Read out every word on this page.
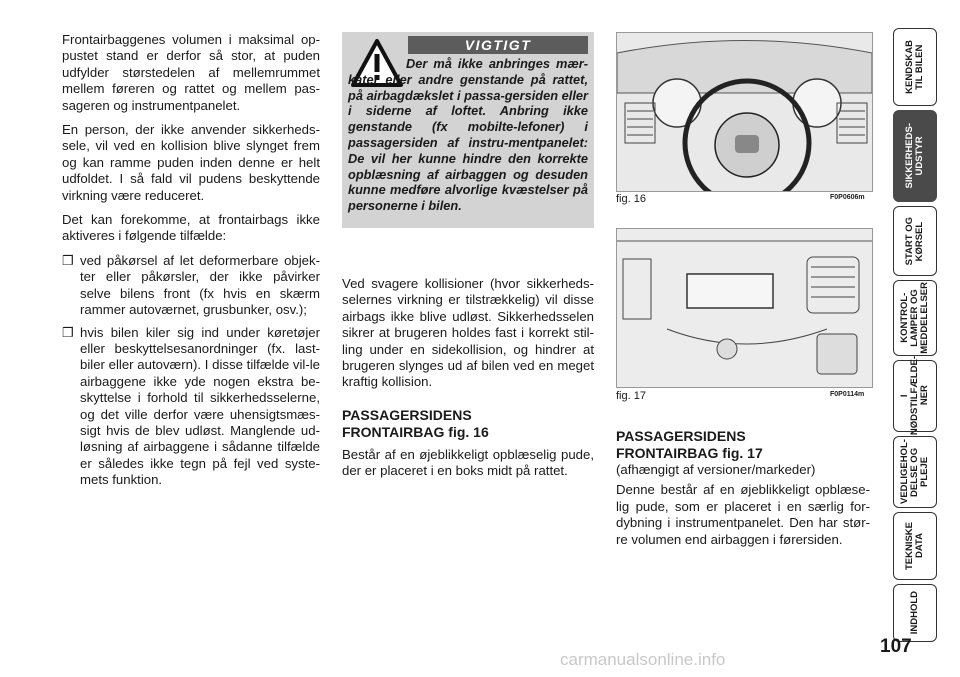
Frontairbaggenes volumen i maksimal op-pustet stand er derfor så stor, at puden udfylder størstedelen af mellemrummet mellem føreren og rattet og mellem pas-sageren og instrumentpanelet.

En person, der ikke anvender sikkerheds-sele, vil ved en kollision blive slynget frem og kan ramme puden inden denne er helt udfoldet. I så fald vil pudens beskyttende virkning være reduceret.

Det kan forekomme, at frontairbags ikke aktiveres i følgende tilfælde:

❒ ved påkørsel af let deformerbare objek-ter eller påkørsler, der ikke påvirker selve bilens front (fx hvis en skærm rammer autoværnet, grusbunker, osv.);
❒ hvis bilen kiler sig ind under køretøjer eller beskyttelsesanordninger (fx. last-biler eller autoværn). I disse tilfælde vil-le airbaggene ikke yde nogen ekstra be-skyttelse i forhold til sikkerhedsselerne, og det ville derfor være uhensigtsmæs-sigt hvis de blev udløst. Manglende ud-løsning af airbaggene i sådanne tilfælde er således ikke tegn på fejl ved syste-mets funktion.
VIGTIGT
Der må ikke anbringes mær-kater eller andre genstande på rattet, på airbagdækslet i passa-gersiden eller i siderne af loftet. Anbring ikke genstande (fx mobilte-lefoner) i passagersiden af instru-mentpanelet: De vil her kunne hindre den korrekte opblæsning af airbaggen og desuden kunne medføre alvorlige kvæstelser på personerne i bilen.

Ved svagere kollisioner (hvor sikkerheds-selernes virkning er tilstrækkelig) vil disse airbags ikke blive udløst. Sikkerhedsselen sikrer at brugeren holdes fast i korrekt stil-ling under en sidekollision, og hindrer at brugeren slynges ud af bilen ved en meget kraftig kollision.

PASSAGERSIDENS FRONTAIRBAG fig. 16

Består af en øjeblikkeligt opblæselig pude, der er placeret i en boks midt på rattet.

fig. 16	F0P0606m
fig. 17	F0P0114m
PASSAGERSIDENS FRONTAIRBAG fig. 17

(afhængigt af versioner/markeder)

Denne består af en øjeblikkeligt opblæse-lig pude, som er placeret i en særlig for-dybning i instrumentpanelet. Den har stør-re volumen end airbaggen i førersiden.

KENDSKAB
TIL BILEN
SIKKERHEDS-
UDSTYR
START OG
KØRSEL
KONTROL-
LAMPER OG
MEDDELELSER
I
NØDSTILFÆLDE-
NER
VEDLIGEHOL-
DELSE OG PLEJE
TEKNISKE
DATA
INDHOLD
107
carmanualsonline.info
